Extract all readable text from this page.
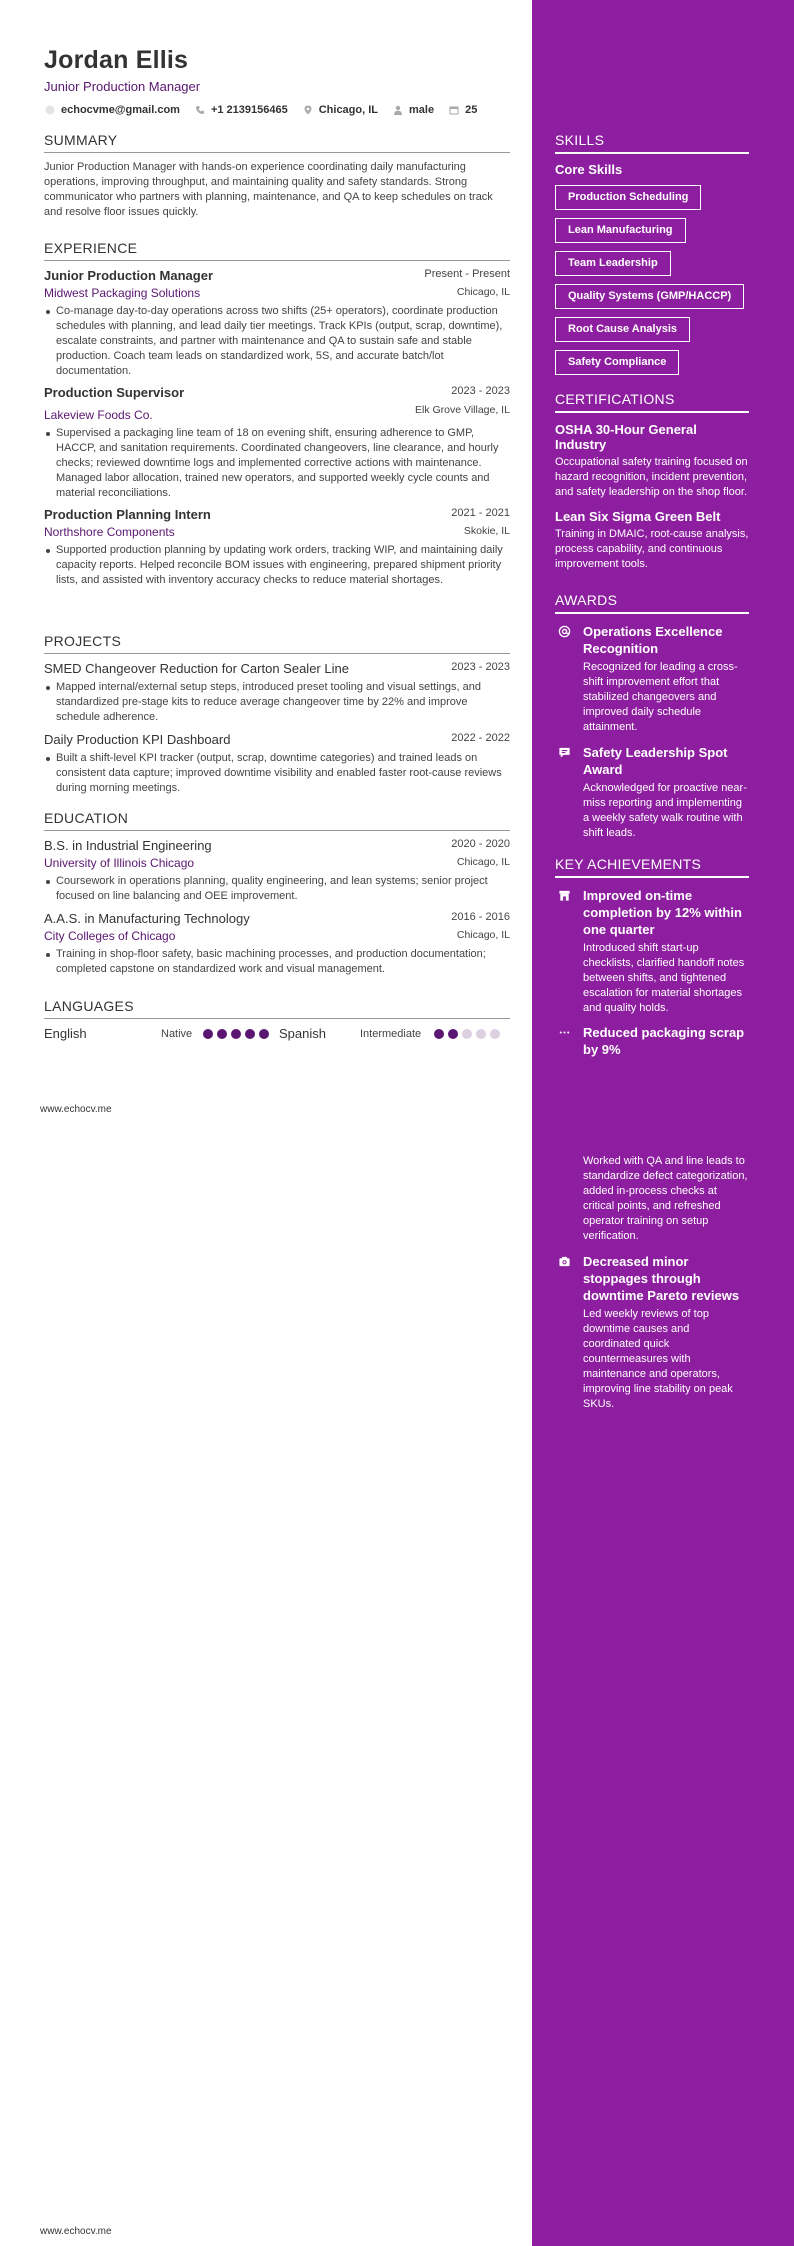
Jordan Ellis
Junior Production Manager
echocvme@gmail.com	+1 2139156465	Chicago, IL	male	25
SUMMARY
Junior Production Manager with hands-on experience coordinating daily manufacturing operations, improving throughput, and maintaining quality and safety standards. Strong communicator who partners with planning, maintenance, and QA to keep schedules on track and resolve floor issues quickly.
EXPERIENCE
Junior Production Manager	Present - Present
Midwest Packaging Solutions	Chicago, IL
Co-manage day-to-day operations across two shifts (25+ operators), coordinate production schedules with planning, and lead daily tier meetings. Track KPIs (output, scrap, downtime), escalate constraints, and partner with maintenance and QA to sustain safe and stable production. Coach team leads on standardized work, 5S, and accurate batch/lot documentation.
Production Supervisor	2023 - 2023
Lakeview Foods Co.	Elk Grove Village, IL
Supervised a packaging line team of 18 on evening shift, ensuring adherence to GMP, HACCP, and sanitation requirements. Coordinated changeovers, line clearance, and hourly checks; reviewed downtime logs and implemented corrective actions with maintenance. Managed labor allocation, trained new operators, and supported weekly cycle counts and material reconciliations.
Production Planning Intern	2021 - 2021
Northshore Components	Skokie, IL
Supported production planning by updating work orders, tracking WIP, and maintaining daily capacity reports. Helped reconcile BOM issues with engineering, prepared shipment priority lists, and assisted with inventory accuracy checks to reduce material shortages.
PROJECTS
SMED Changeover Reduction for Carton Sealer Line	2023 - 2023
Mapped internal/external setup steps, introduced preset tooling and visual settings, and standardized pre-stage kits to reduce average changeover time by 22% and improve schedule adherence.
Daily Production KPI Dashboard	2022 - 2022
Built a shift-level KPI tracker (output, scrap, downtime categories) and trained leads on consistent data capture; improved downtime visibility and enabled faster root-cause reviews during morning meetings.
EDUCATION
B.S. in Industrial Engineering	2020 - 2020
University of Illinois Chicago	Chicago, IL
Coursework in operations planning, quality engineering, and lean systems; senior project focused on line balancing and OEE improvement.
A.A.S. in Manufacturing Technology	2016 - 2016
City Colleges of Chicago	Chicago, IL
Training in shop-floor safety, basic machining processes, and production documentation; completed capstone on standardized work and visual management.
LANGUAGES
English	Native	Spanish	Intermediate
www.echocv.me
www.echocv.me
SKILLS
Core Skills
Production Scheduling
Lean Manufacturing
Team Leadership
Quality Systems (GMP/HACCP)
Root Cause Analysis
Safety Compliance
CERTIFICATIONS
OSHA 30-Hour General Industry
Occupational safety training focused on hazard recognition, incident prevention, and safety leadership on the shop floor.
Lean Six Sigma Green Belt
Training in DMAIC, root-cause analysis, process capability, and continuous improvement tools.
AWARDS
Operations Excellence Recognition
Recognized for leading a cross-shift improvement effort that stabilized changeovers and improved daily schedule attainment.
Safety Leadership Spot Award
Acknowledged for proactive near-miss reporting and implementing a weekly safety walk routine with shift leads.
KEY ACHIEVEMENTS
Improved on-time completion by 12% within one quarter
Introduced shift start-up checklists, clarified handoff notes between shifts, and tightened escalation for material shortages and quality holds.
Reduced packaging scrap by 9%
Worked with QA and line leads to standardize defect categorization, added in-process checks at critical points, and refreshed operator training on setup verification.
Decreased minor stoppages through downtime Pareto reviews
Led weekly reviews of top downtime causes and coordinated quick countermeasures with maintenance and operators, improving line stability on peak SKUs.
